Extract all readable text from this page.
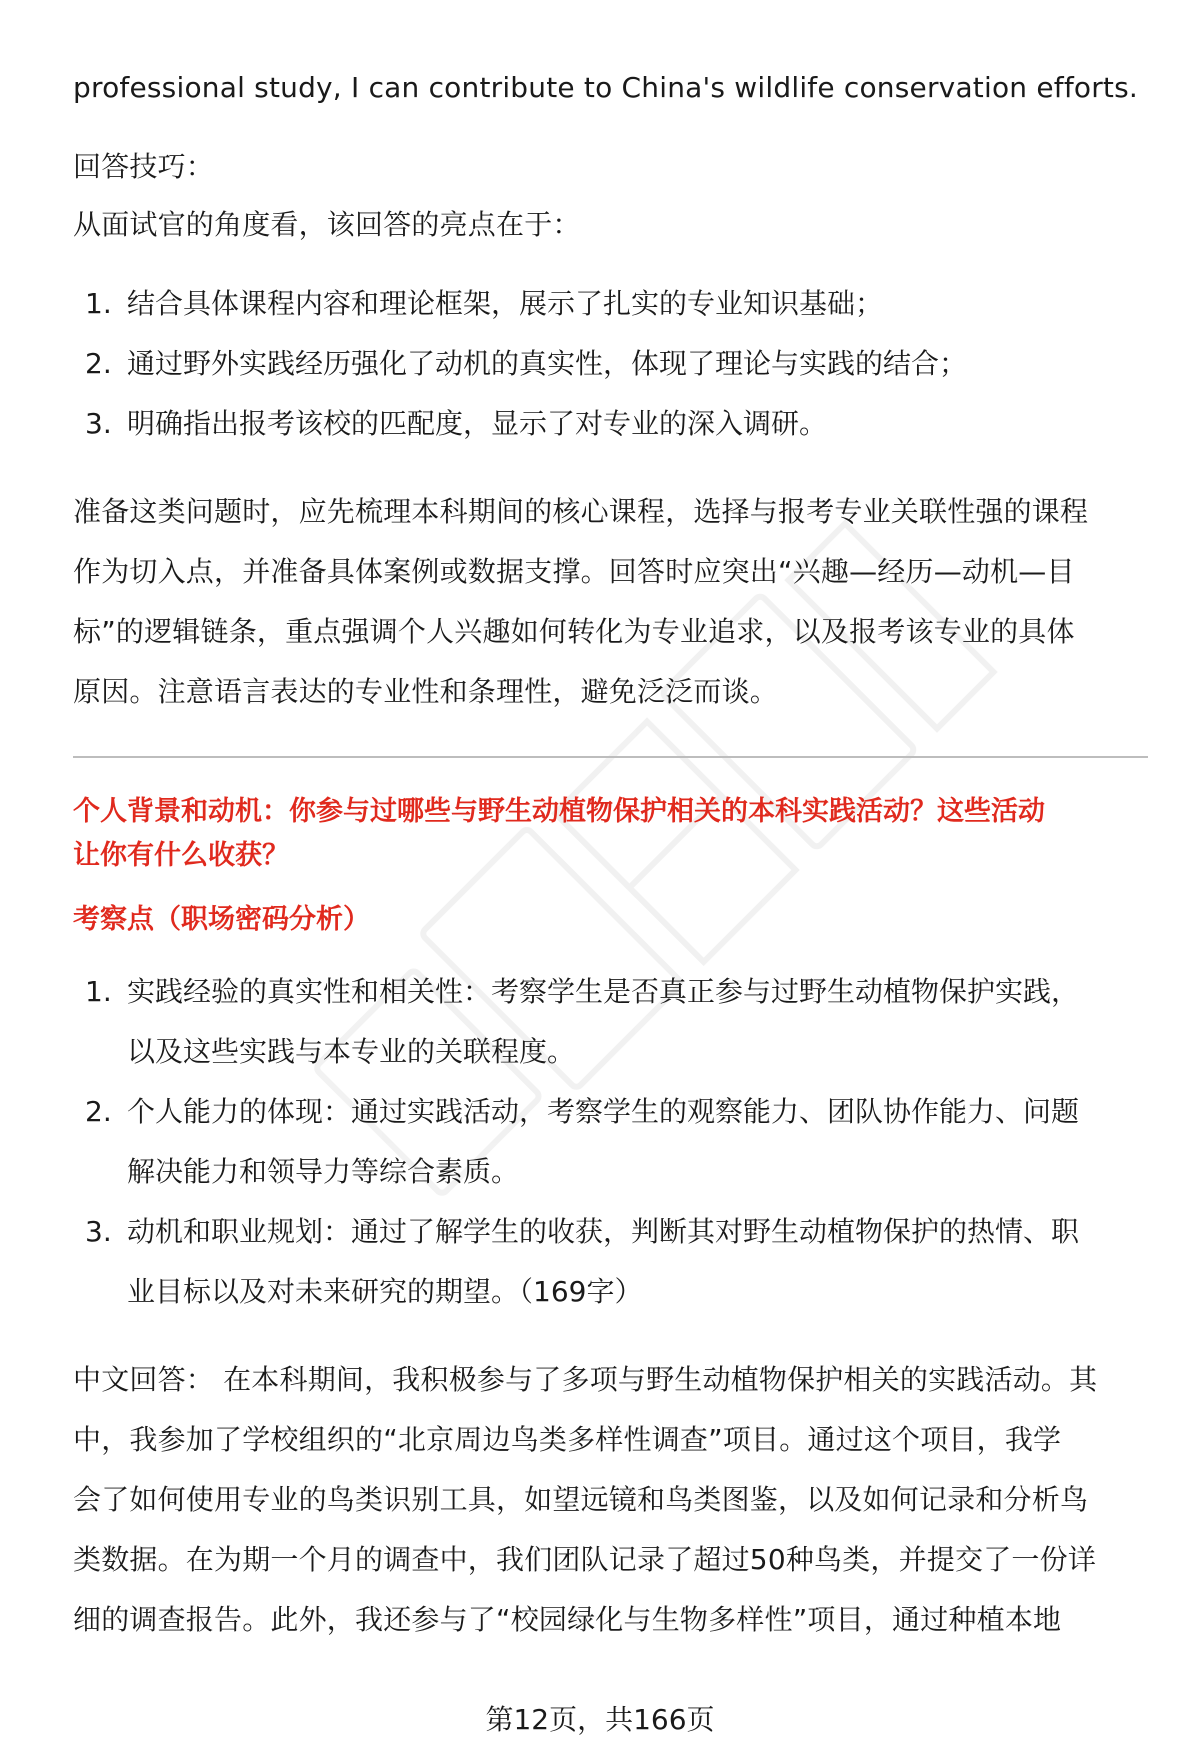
professional study, I can contribute to China's wildlife conservation efforts.
回答技巧：
从面试官的角度看，该回答的亮点在于：
1. 结合具体课程内容和理论框架，展示了扎实的专业知识基础；
2. 通过野外实践经历强化了动机的真实性，体现了理论与实践的结合；
3. 明确指出报考该校的匹配度，显示了对专业的深入调研。
准备这类问题时，应先梳理本科期间的核心课程，选择与报考专业关联性强的课程
作为切入点，并准备具体案例或数据支撑。回答时应突出“兴趣—经历—动机—目
标”的逻辑链条，重点强调个人兴趣如何转化为专业追求，以及报考该专业的具体
原因。注意语言表达的专业性和条理性，避免泛泛而谈。
个人背景和动机：你参与过哪些与野生动植物保护相关的本科实践活动？这些活动
让你有什么收获？
考察点（职场密码分析）
1. 实践经验的真实性和相关性：考察学生是否真正参与过野生动植物保护实践，
以及这些实践与本专业的关联程度。
2. 个人能力的体现：通过实践活动，考察学生的观察能力、团队协作能力、问题
解决能力和领导力等综合素质。
3. 动机和职业规划：通过了解学生的收获，判断其对野生动植物保护的热情、职
业目标以及对未来研究的期望。（169字）
中文回答： 在本科期间，我积极参与了多项与野生动植物保护相关的实践活动。其
中，我参加了学校组织的“北京周边鸟类多样性调查”项目。通过这个项目，我学
会了如何使用专业的鸟类识别工具，如望远镜和鸟类图鉴，以及如何记录和分析鸟
类数据。在为期一个月的调查中，我们团队记录了超过50种鸟类，并提交了一份详
细的调查报告。此外，我还参与了“校园绿化与生物多样性”项目，通过种植本地
第12页，共166页
